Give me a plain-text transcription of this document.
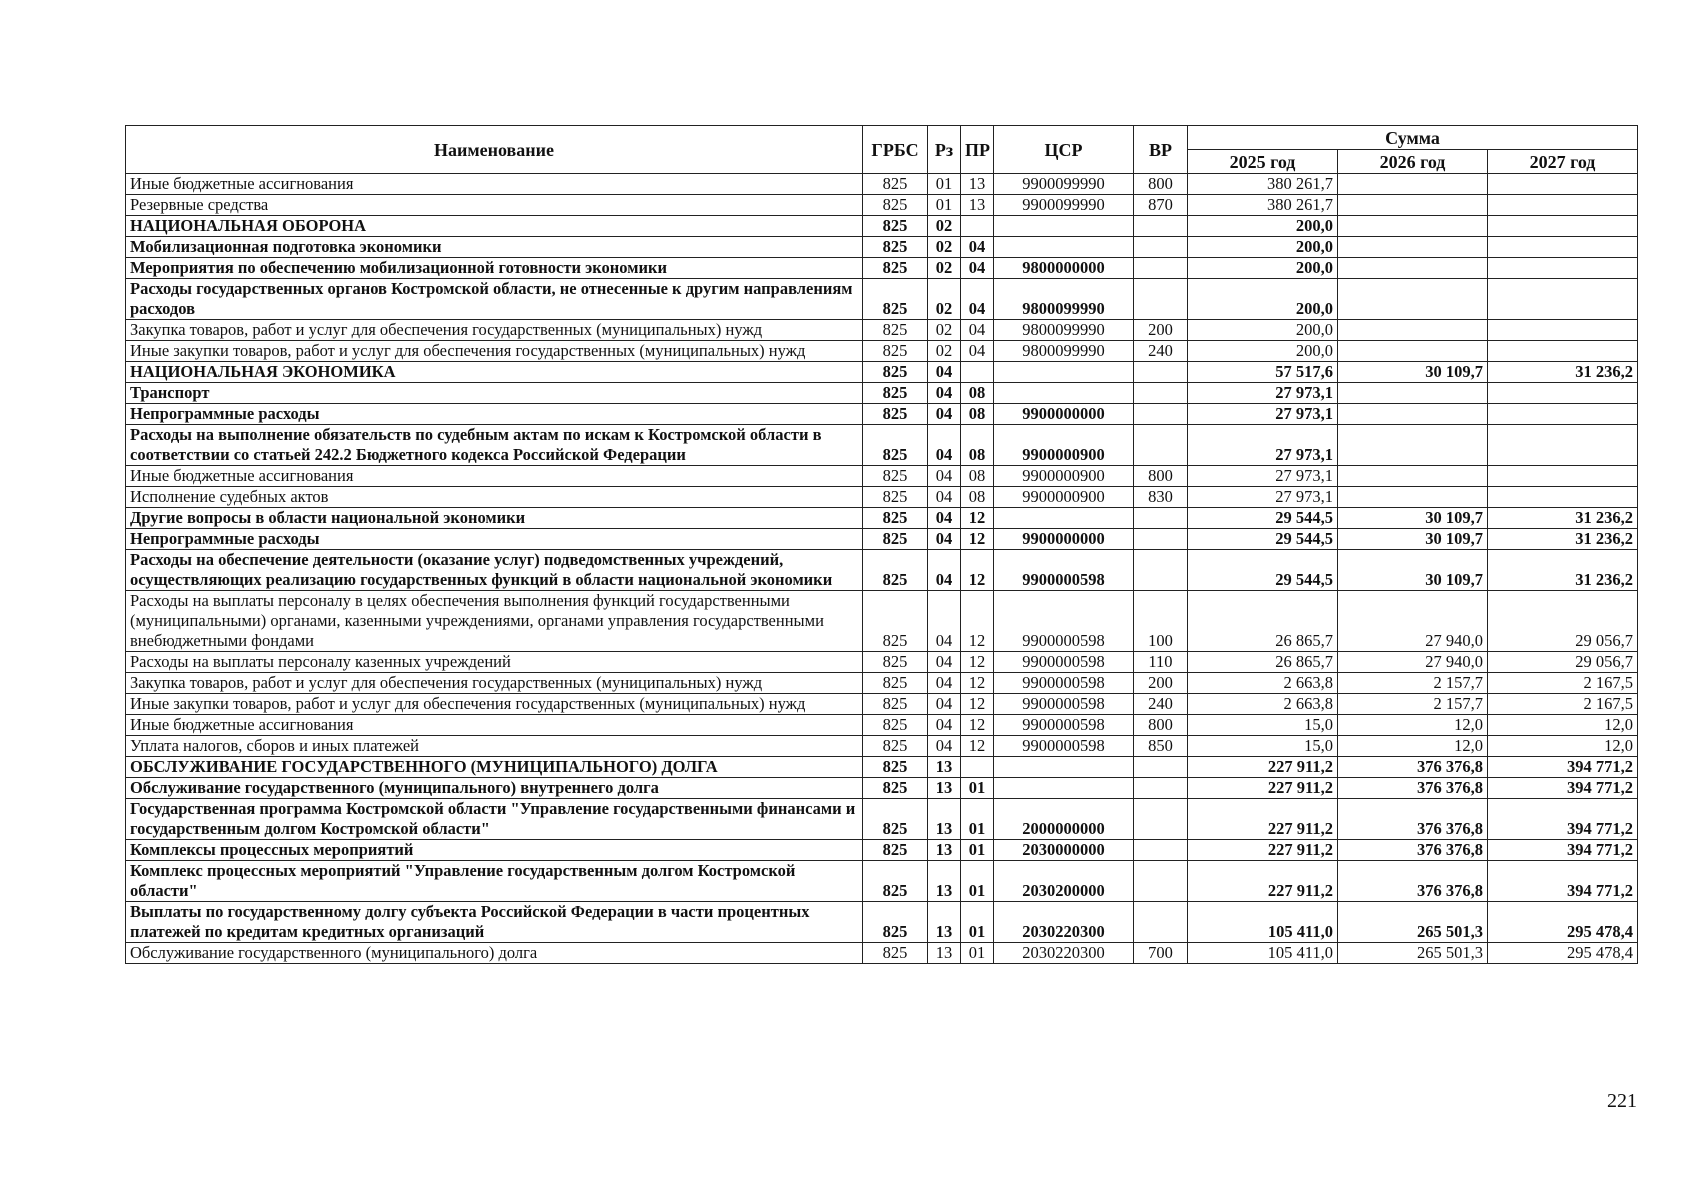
Наименование	ГРБС	Рз	ПР	ЦСР	ВР	Сумма		
						2025 год	2026 год	2027 год
Иные бюджетные ассигнования	825	01	13	9900099990	800	380 261,7		
Резервные средства	825	01	13	9900099990	870	380 261,7		
НАЦИОНАЛЬНАЯ ОБОРОНА	825	02				200,0		
Мобилизационная подготовка экономики	825	02	04			200,0		
Мероприятия по обеспечению мобилизационной готовности экономики	825	02	04	9800000000		200,0		
Расходы государственных органов Костромской области, не отнесенные к другим направлениям расходов	825	02	04	9800099990		200,0		
Закупка товаров, работ и услуг для обеспечения государственных (муниципальных) нужд	825	02	04	9800099990	200	200,0		
Иные закупки товаров, работ и услуг для обеспечения государственных (муниципальных) нужд	825	02	04	9800099990	240	200,0		
НАЦИОНАЛЬНАЯ ЭКОНОМИКА	825	04				57 517,6	30 109,7	31 236,2
Транспорт	825	04	08			27 973,1		
Непрограммные расходы	825	04	08	9900000000		27 973,1		
Расходы на выполнение обязательств по судебным актам по искам к Костромской области в соответствии со статьей 242.2 Бюджетного кодекса Российской Федерации	825	04	08	9900000900		27 973,1		
Иные бюджетные ассигнования	825	04	08	9900000900	800	27 973,1		
Исполнение судебных актов	825	04	08	9900000900	830	27 973,1		
Другие вопросы в области национальной экономики	825	04	12			29 544,5	30 109,7	31 236,2
Непрограммные расходы	825	04	12	9900000000		29 544,5	30 109,7	31 236,2
Расходы на обеспечение деятельности (оказание услуг) подведомственных учреждений, осуществляющих реализацию государственных функций в области национальной экономики	825	04	12	9900000598		29 544,5	30 109,7	31 236,2
Расходы на выплаты персоналу в целях обеспечения выполнения функций государственными (муниципальными) органами, казенными учреждениями, органами управления государственными внебюджетными фондами	825	04	12	9900000598	100	26 865,7	27 940,0	29 056,7
Расходы на выплаты персоналу казенных учреждений	825	04	12	9900000598	110	26 865,7	27 940,0	29 056,7
Закупка товаров, работ и услуг для обеспечения государственных (муниципальных) нужд	825	04	12	9900000598	200	2 663,8	2 157,7	2 167,5
Иные закупки товаров, работ и услуг для обеспечения государственных (муниципальных) нужд	825	04	12	9900000598	240	2 663,8	2 157,7	2 167,5
Иные бюджетные ассигнования	825	04	12	9900000598	800	15,0	12,0	12,0
Уплата налогов, сборов и иных платежей	825	04	12	9900000598	850	15,0	12,0	12,0
ОБСЛУЖИВАНИЕ ГОСУДАРСТВЕННОГО (МУНИЦИПАЛЬНОГО) ДОЛГА	825	13				227 911,2	376 376,8	394 771,2
Обслуживание государственного (муниципального) внутреннего долга	825	13	01			227 911,2	376 376,8	394 771,2
Государственная программа Костромской области "Управление государственными финансами и государственным долгом Костромской области"	825	13	01	2000000000		227 911,2	376 376,8	394 771,2
Комплексы процессных мероприятий	825	13	01	2030000000		227 911,2	376 376,8	394 771,2
Комплекс процессных мероприятий "Управление государственным долгом Костромской области"	825	13	01	2030200000		227 911,2	376 376,8	394 771,2
Выплаты по государственному долгу субъекта Российской Федерации в части процентных платежей по кредитам кредитных организаций	825	13	01	2030220300		105 411,0	265 501,3	295 478,4
Обслуживание государственного (муниципального) долга	825	13	01	2030220300	700	105 411,0	265 501,3	295 478,4
221
